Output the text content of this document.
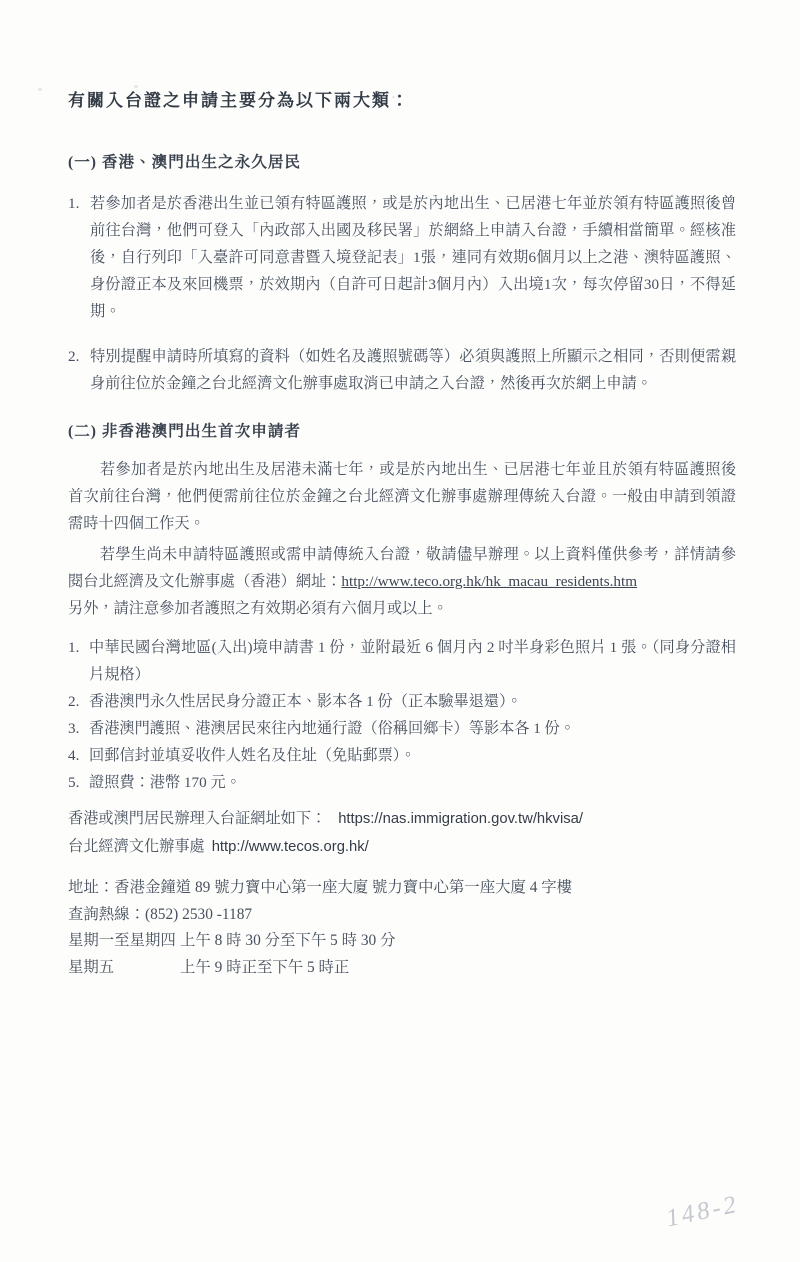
有關入台證之申請主要分為以下兩大類：
(一) 香港、澳門出生之永久居民
1. 若參加者是於香港出生並已領有特區護照，或是於內地出生、已居港七年並於領有特區護照後曾前往台灣，他們可登入「內政部入出國及移民署」於網絡上申請入台證，手續相當簡單。經核准後，自行列印「入臺許可同意書暨入境登記表」1張，連同有效期6個月以上之港、澳特區護照、身份證正本及來回機票，於效期內（自許可日起計3個月內）入出境1次，每次停留30日，不得延期。
2. 特別提醒申請時所填寫的資料（如姓名及護照號碼等）必須與護照上所顯示之相同，否則便需親身前往位於金鐘之台北經濟文化辦事處取消已申請之入台證，然後再次於網上申請。
(二) 非香港澳門出生首次申請者

若參加者是於內地出生及居港未滿七年，或是於內地出生、已居港七年並且於領有特區護照後首次前往台灣，他們便需前往位於金鐘之台北經濟文化辦事處辦理傳統入台證。一般由申請到領證需時十四個工作天。

若學生尚未申請特區護照或需申請傳統入台證，敬請儘早辦理。以上資料僅供參考，詳情請參閱台北經濟及文化辦事處（香港）網址：http://www.teco.org.hk/hk_macau_residents.htm
另外，請注意參加者護照之有效期必須有六個月或以上。

1. 中華民國台灣地區(入出)境申請書 1 份，並附最近 6 個月內 2 吋半身彩色照片 1 張。（同身分證相片規格）
2. 香港澳門永久性居民身分證正本、影本各 1 份（正本驗畢退還）。
3. 香港澳門護照、港澳居民來往內地通行證（俗稱回鄉卡）等影本各 1 份。
4. 回郵信封並填妥收件人姓名及住址（免貼郵票）。
5. 證照費：港幣 170 元。
香港或澳門居民辦理入台証網址如下： https://nas.immigration.gov.tw/hkvisa/
台北經濟文化辦事處 http://www.tecos.org.hk/
地址：香港金鐘道 89 號力寶中心第一座大廈 號力寶中心第一座大廈 4 字樓
查詢熱線：(852) 2530 -1187
星期一至星期四 上午 8 時 30 分至下午 5 時 30 分
星期五	上午 9 時正至下午 5 時正
148-2
